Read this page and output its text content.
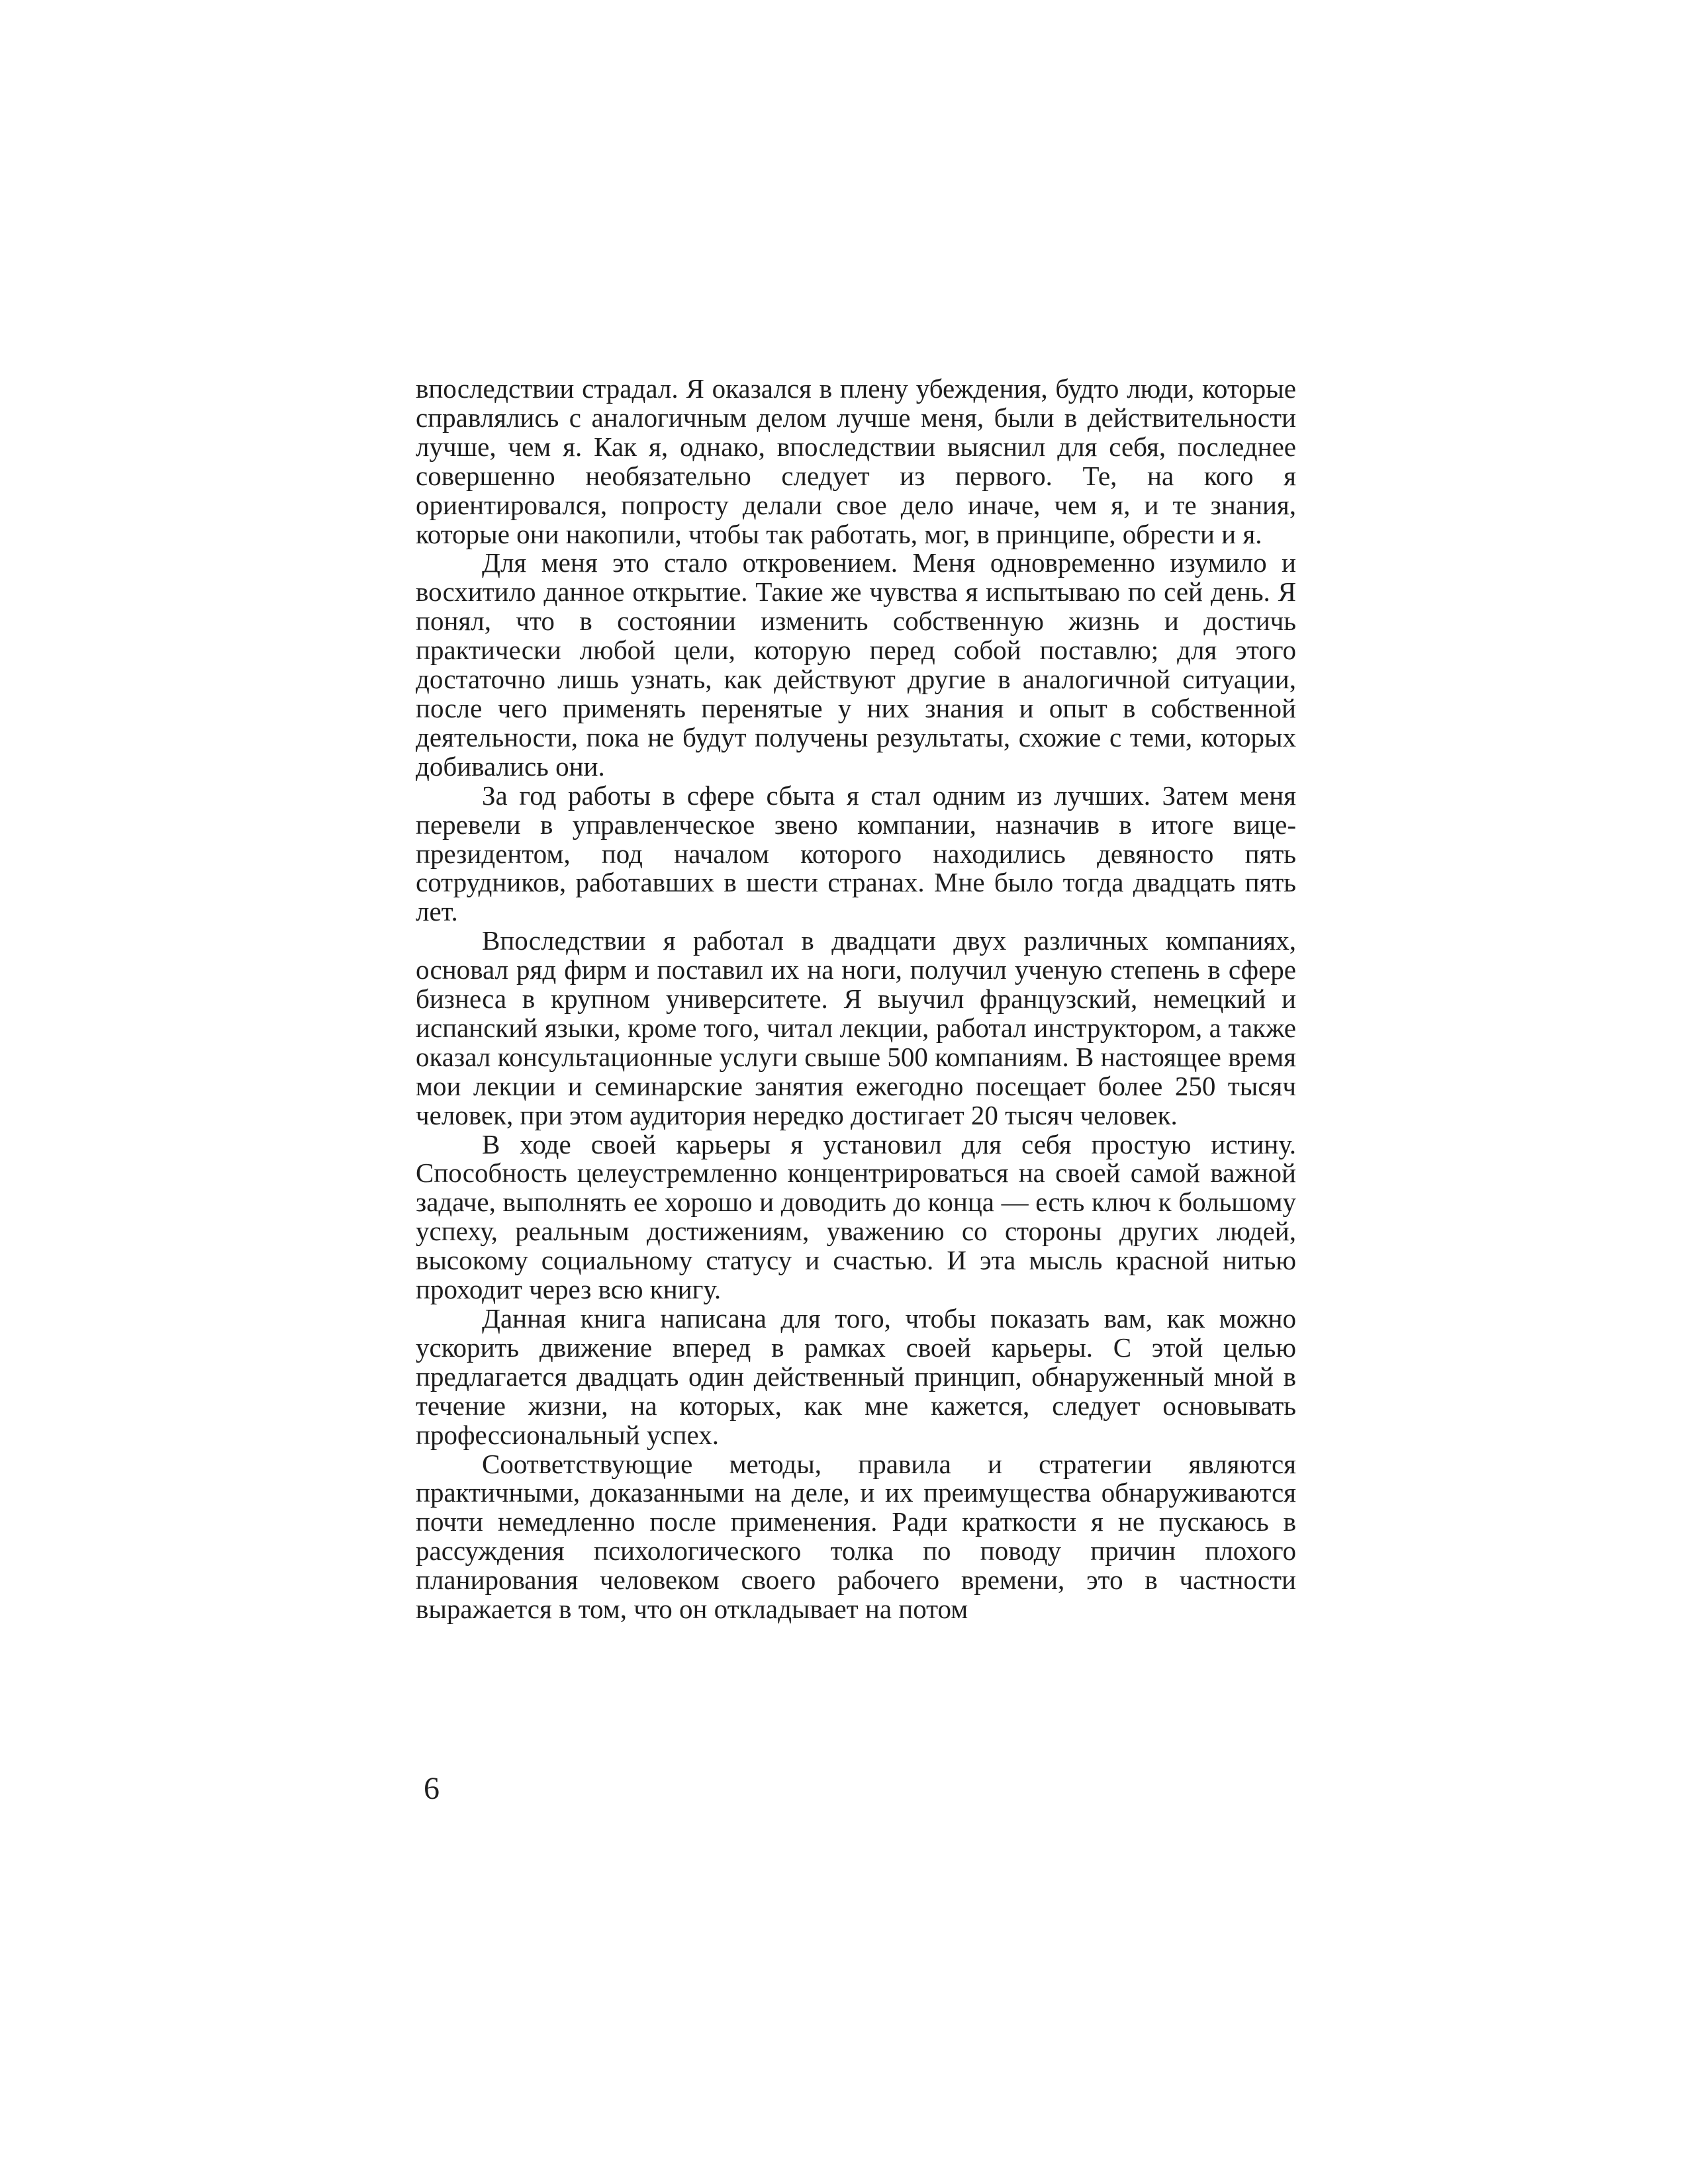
впоследствии страдал. Я оказался в плену убеждения, будто люди, которые справлялись с аналогичным делом лучше меня, были в действительности лучше, чем я. Как я, однако, впоследствии выяснил для себя, последнее совершенно необязательно следует из первого. Те, на кого я ориентировался, попросту делали свое дело иначе, чем я, и те знания, которые они накопили, чтобы так работать, мог, в принципе, обрести и я.

Для меня это стало откровением. Меня одновременно изумило и восхитило данное открытие. Такие же чувства я испытываю по сей день. Я понял, что в состоянии изменить собственную жизнь и достичь практически любой цели, которую перед собой поставлю; для этого достаточно лишь узнать, как действуют другие в аналогичной ситуации, после чего применять перенятые у них знания и опыт в собственной деятельности, пока не будут получены результаты, схожие с теми, которых добивались они.

За год работы в сфере сбыта я стал одним из лучших. Затем меня перевели в управленческое звено компании, назначив в итоге вице-президентом, под началом которого находились девяносто пять сотрудников, работавших в шести странах. Мне было тогда двадцать пять лет.

Впоследствии я работал в двадцати двух различных компаниях, основал ряд фирм и поставил их на ноги, получил ученую степень в сфере бизнеса в крупном университете. Я выучил французский, немецкий и испанский языки, кроме того, читал лекции, работал инструктором, а также оказал консультационные услуги свыше 500 компаниям. В настоящее время мои лекции и семинарские занятия ежегодно посещает более 250 тысяч человек, при этом аудитория нередко достигает 20 тысяч человек.

В ходе своей карьеры я установил для себя простую истину. Способность целеустремленно концентрироваться на своей самой важной задаче, выполнять ее хорошо и доводить до конца — есть ключ к большому успеху, реальным достижениям, уважению со стороны других людей, высокому социальному статусу и счастью. И эта мысль красной нитью проходит через всю книгу.

Данная книга написана для того, чтобы показать вам, как можно ускорить движение вперед в рамках своей карьеры. С этой целью предлагается двадцать один действенный принцип, обнаруженный мной в течение жизни, на которых, как мне кажется, следует основывать профессиональный успех.

Соответствующие методы, правила и стратегии являются практичными, доказанными на деле, и их преимущества обнаруживаются почти немедленно после применения. Ради краткости я не пускаюсь в рассуждения психологического толка по поводу причин плохого планирования человеком своего рабочего времени, это в частности выражается в том, что он откладывает на потом

6
